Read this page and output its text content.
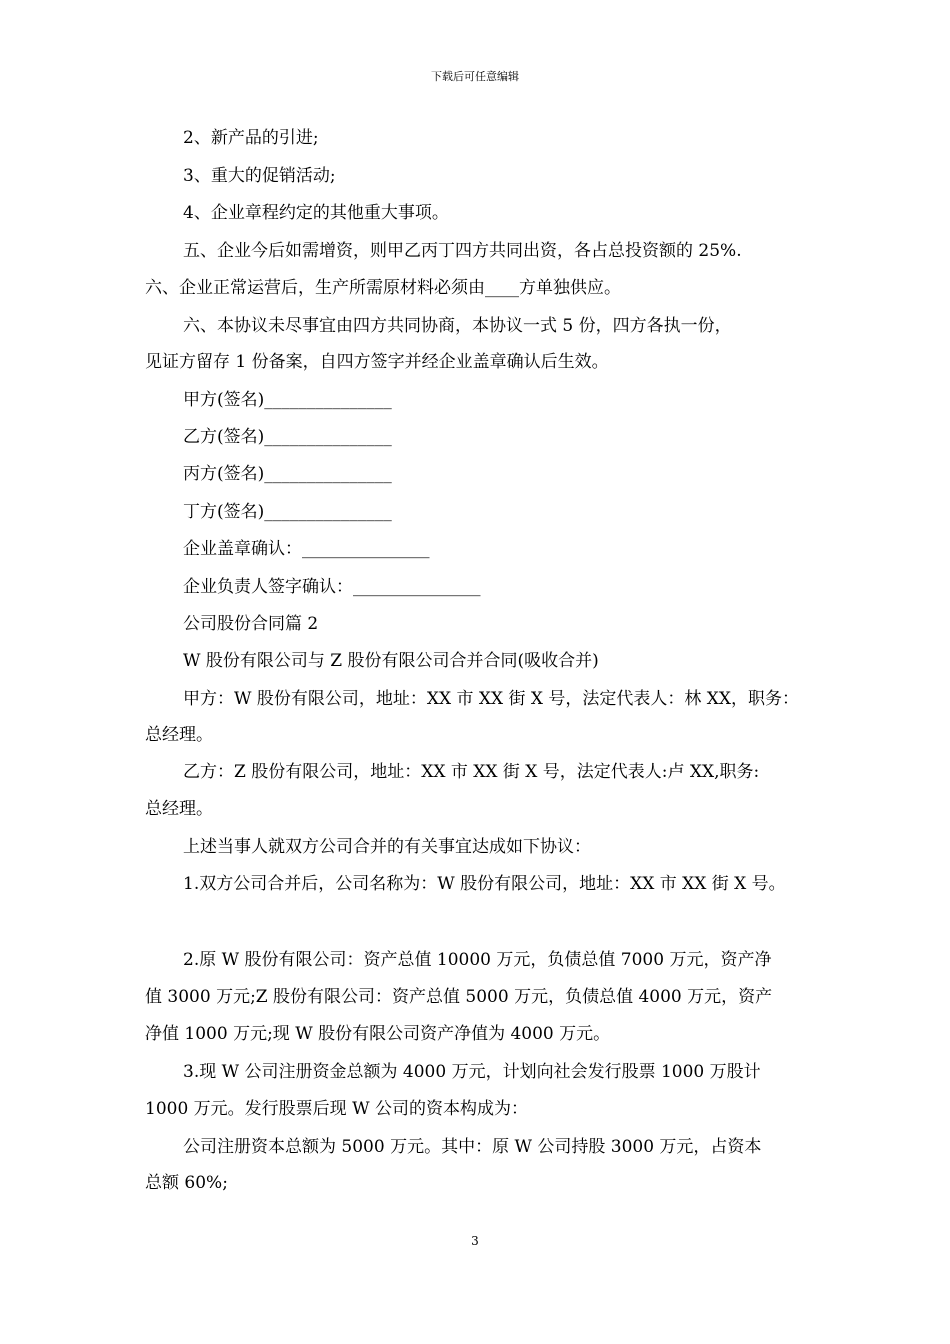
下载后可任意编辑
2、新产品的引进;
3、重大的促销活动;
4、企业章程约定的其他重大事项。
五、企业今后如需增资，则甲乙丙丁四方共同出资，各占总投资额的 25%.
六、企业正常运营后，生产所需原材料必须由____方单独供应。
六、本协议未尽事宜由四方共同协商，本协议一式 5 份，四方各执一份，
见证方留存 1 份备案，自四方签字并经企业盖章确认后生效。
甲方(签名)_______________
乙方(签名)_______________
丙方(签名)_______________
丁方(签名)_______________
企业盖章确认：_______________
企业负责人签字确认：_______________
公司股份合同篇 2
W 股份有限公司与 Z 股份有限公司合并合同(吸收合并)
甲方：W 股份有限公司，地址：XX 市 XX 街 X 号，法定代表人：林 XX，职务：
总经理。
乙方：Z 股份有限公司，地址：XX 市 XX 街 X 号，法定代表人:卢 XX,职务:
总经理。
上述当事人就双方公司合并的有关事宜达成如下协议：
1.双方公司合并后，公司名称为：W 股份有限公司，地址：XX 市 XX 街 X 号。
2.原 W 股份有限公司：资产总值 10000 万元，负债总值 7000 万元，资产净
值 3000 万元;Z 股份有限公司：资产总值 5000 万元，负债总值 4000 万元，资产
净值 1000 万元;现 W 股份有限公司资产净值为 4000 万元。
3.现 W 公司注册资金总额为 4000 万元，计划向社会发行股票 1000 万股计
1000 万元。发行股票后现 W 公司的资本构成为：
公司注册资本总额为 5000 万元。其中：原 W 公司持股 3000 万元，占资本
总额 60%;
3
